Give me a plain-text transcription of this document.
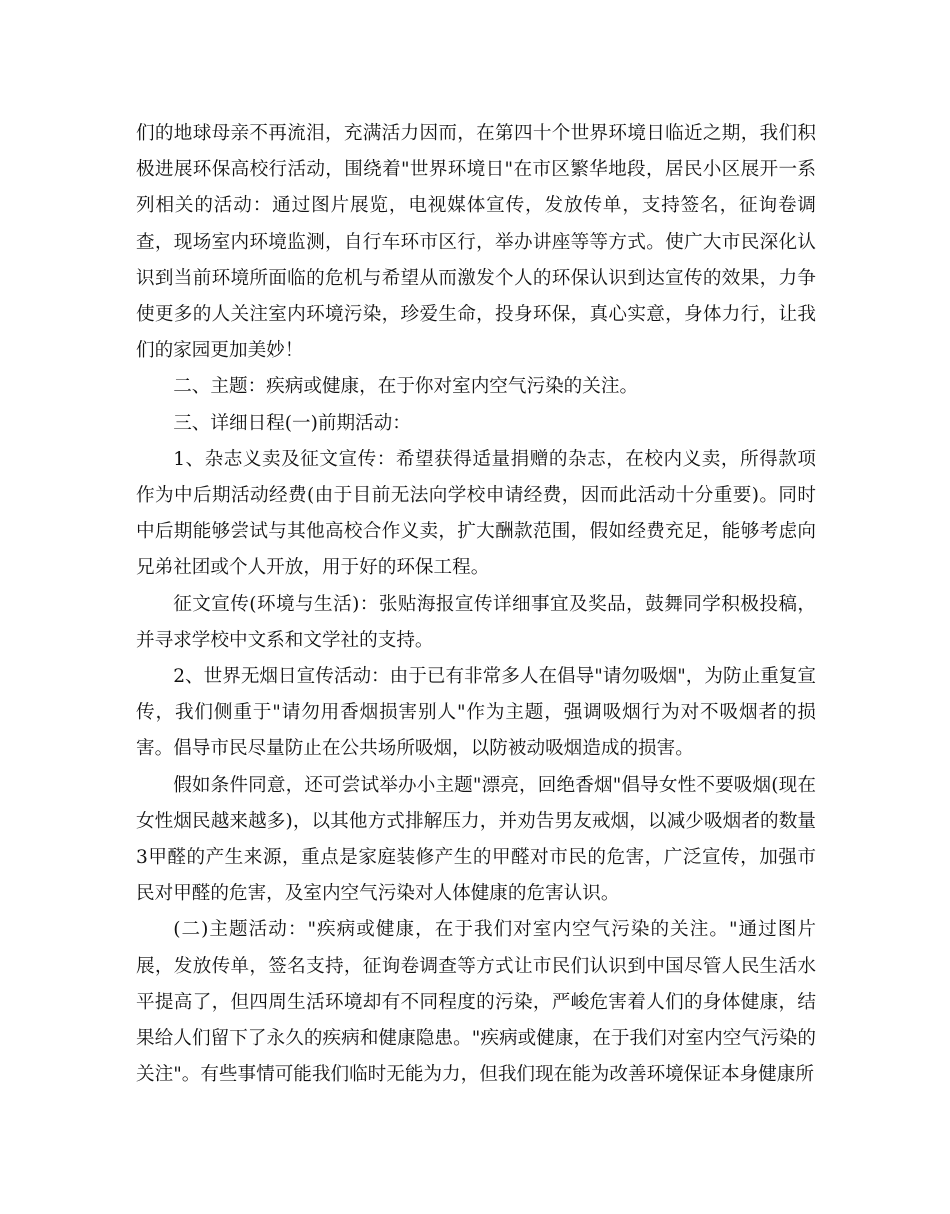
们的地球母亲不再流泪，充满活力因而，在第四十个世界环境日临近之期，我们积极进展环保高校行活动，围绕着"世界环境日"在市区繁华地段，居民小区展开一系列相关的活动：通过图片展览，电视媒体宣传，发放传单，支持签名，征询卷调查，现场室内环境监测，自行车环市区行，举办讲座等等方式。使广大市民深化认识到当前环境所面临的危机与希望从而激发个人的环保认识到达宣传的效果，力争使更多的人关注室内环境污染，珍爱生命，投身环保，真心实意，身体力行，让我们的家园更加美妙！

二、主题：疾病或健康，在于你对室内空气污染的关注。

三、详细日程(一)前期活动：

1、杂志义卖及征文宣传：希望获得适量捐赠的杂志，在校内义卖，所得款项作为中后期活动经费(由于目前无法向学校申请经费，因而此活动十分重要)。同时中后期能够尝试与其他高校合作义卖，扩大酬款范围，假如经费充足，能够考虑向兄弟社团或个人开放，用于好的环保工程。

征文宣传(环境与生活)：张贴海报宣传详细事宜及奖品，鼓舞同学积极投稿，并寻求学校中文系和文学社的支持。

2、世界无烟日宣传活动：由于已有非常多人在倡导"请勿吸烟"，为防止重复宣传，我们侧重于"请勿用香烟损害别人"作为主题，强调吸烟行为对不吸烟者的损害。倡导市民尽量防止在公共场所吸烟，以防被动吸烟造成的损害。

假如条件同意，还可尝试举办小主题"漂亮，回绝香烟"倡导女性不要吸烟(现在女性烟民越来越多)，以其他方式排解压力，并劝告男友戒烟，以减少吸烟者的数量3甲醛的产生来源，重点是家庭装修产生的甲醛对市民的危害，广泛宣传，加强市民对甲醛的危害，及室内空气污染对人体健康的危害认识。

(二)主题活动："疾病或健康，在于我们对室内空气污染的关注。"通过图片展，发放传单，签名支持，征询卷调查等方式让市民们认识到中国尽管人民生活水平提高了，但四周生活环境却有不同程度的污染，严峻危害着人们的身体健康，结果给人们留下了永久的疾病和健康隐患。"疾病或健康，在于我们对室内空气污染的关注"。有些事情可能我们临时无能为力，但我们现在能为改善环境保证本身健康所
